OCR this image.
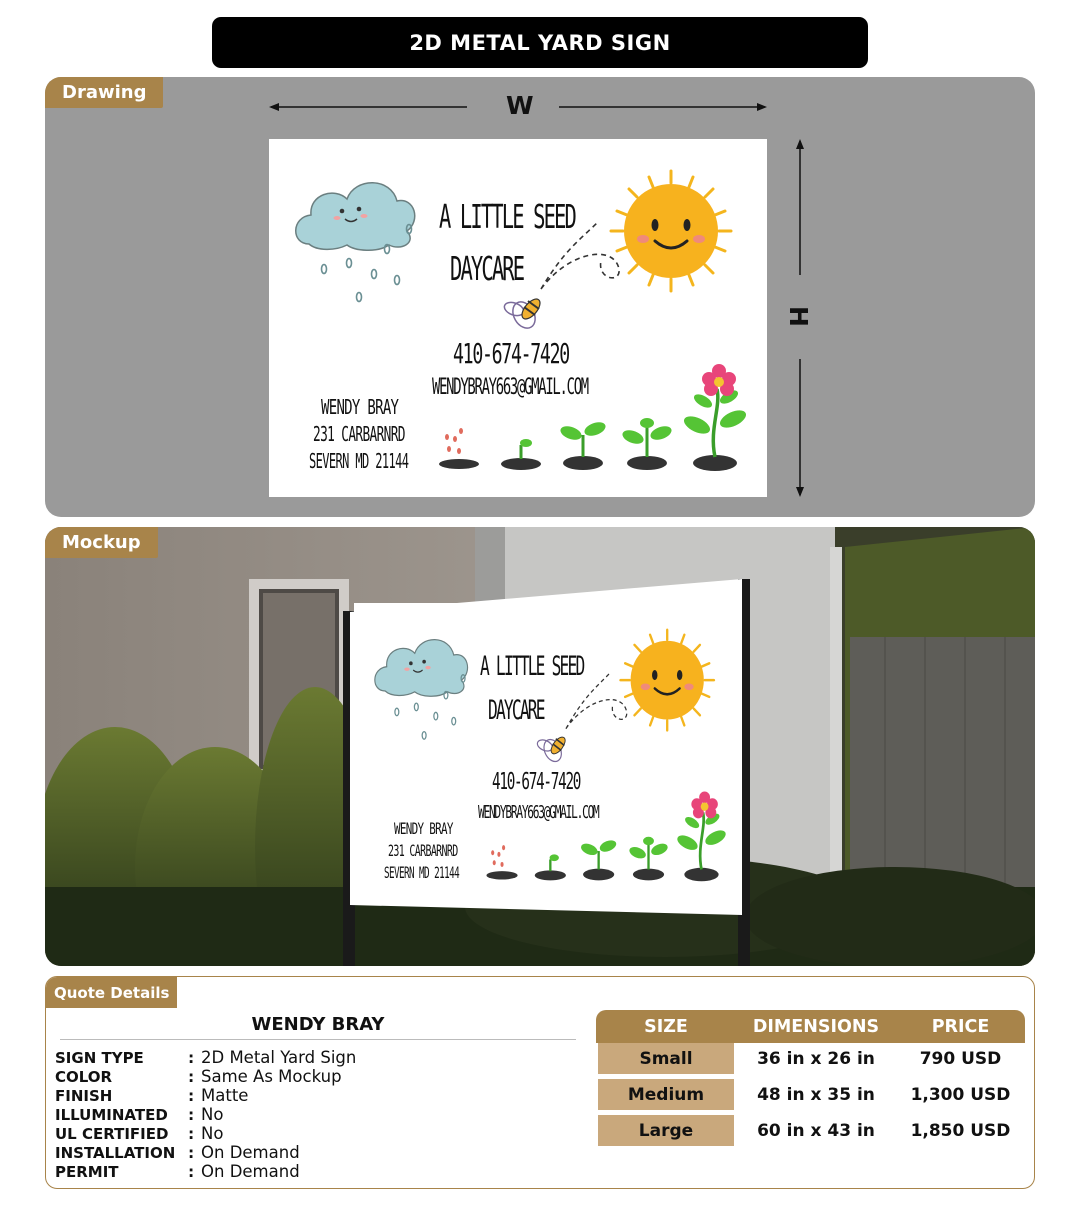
2D METAL YARD SIGN
Drawing	W
H
A LITTLE SEED
DAYCARE
410-674-7420
WENDYBRAY663@GMAIL.COM
WENDY BRAY
231 CARBARNRD
SEVERN MD 21144
Mockup
A LITTLE SEED
DAYCARE
410-674-7420
WENDYBRAY663@GMAIL.COM
WENDY BRAY
231 CARBARNRD
SEVERN MD 21144
Quote Details
WENDY BRAY
SIGN TYPE	: 2D Metal Yard Sign
COLOR	: Same As Mockup
FINISH	: Matte
ILLUMINATED	: No
UL CERTIFIED	: No
INSTALLATION : On Demand
PERMIT	: On Demand
SIZE	DIMENSIONS	PRICE
Small	36 in x 26 in	790 USD
Medium	48 in x 35 in	1,300 USD
Large	60 in x 43 in	1,850 USD
